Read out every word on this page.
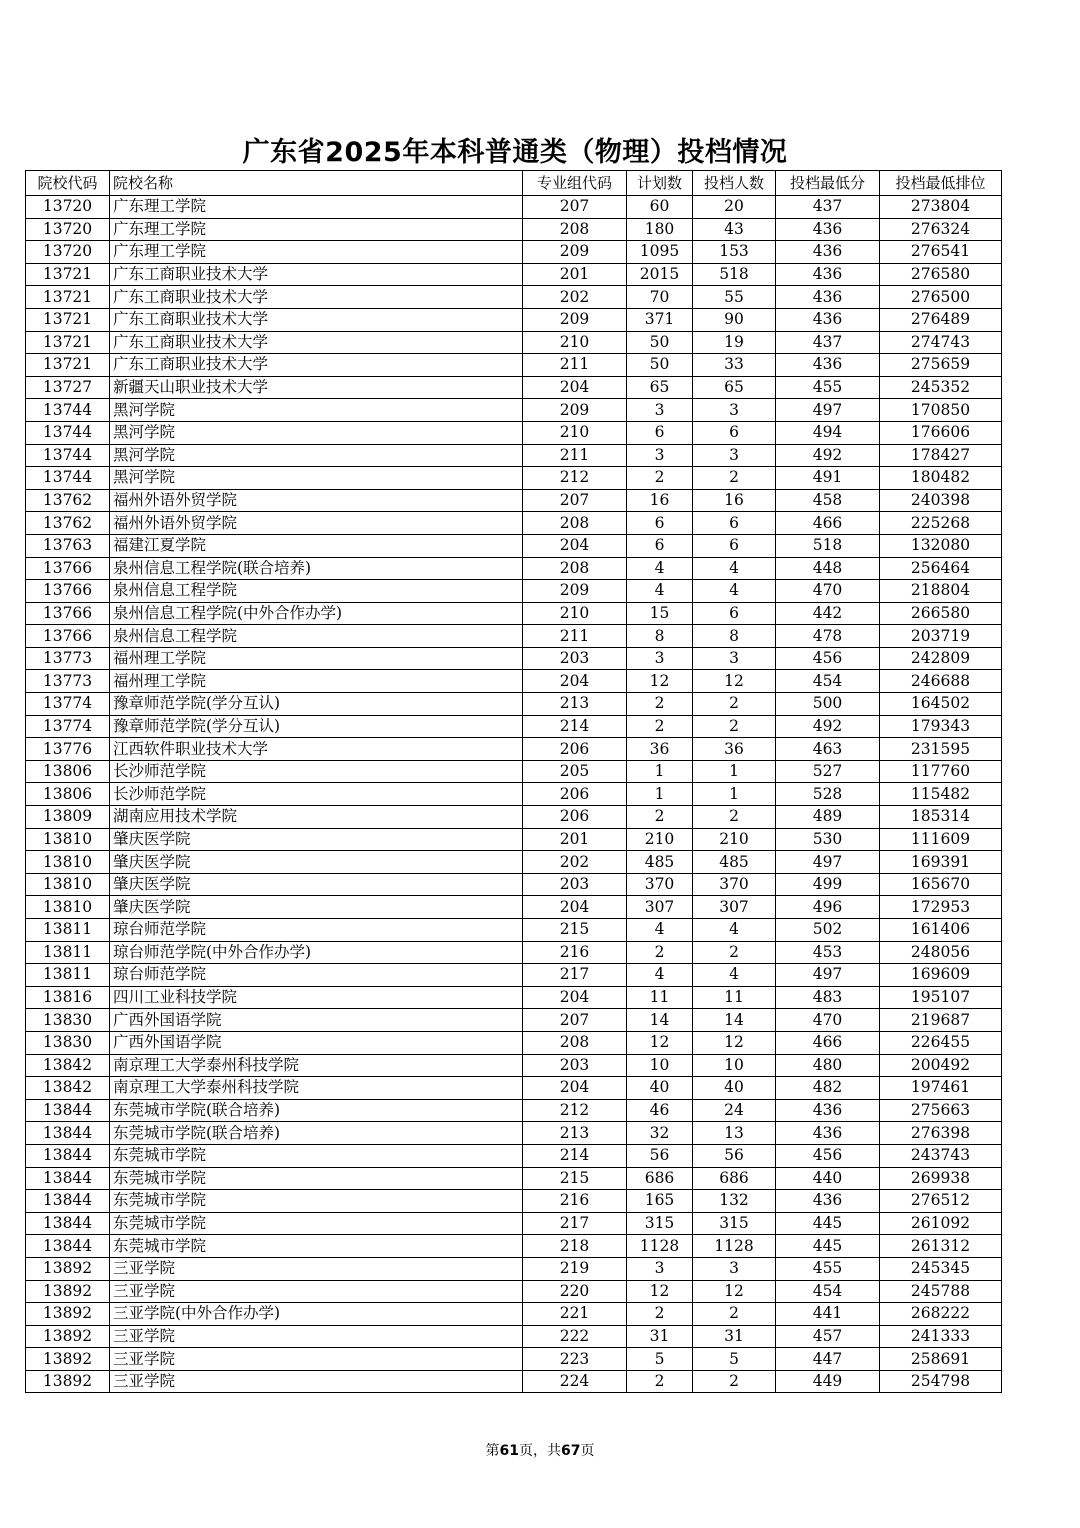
广东省2025年本科普通类（物理）投档情况
院校代码	院校名称	专业组代码	计划数	投档人数	投档最低分	投档最低排位
13720	广东理工学院	207	60	20	437	273804
13720	广东理工学院	208	180	43	436	276324
13720	广东理工学院	209	1095	153	436	276541
13721	广东工商职业技术大学	201	2015	518	436	276580
13721	广东工商职业技术大学	202	70	55	436	276500
13721	广东工商职业技术大学	209	371	90	436	276489
13721	广东工商职业技术大学	210	50	19	437	274743
13721	广东工商职业技术大学	211	50	33	436	275659
13727	新疆天山职业技术大学	204	65	65	455	245352
13744	黑河学院	209	3	3	497	170850
13744	黑河学院	210	6	6	494	176606
13744	黑河学院	211	3	3	492	178427
13744	黑河学院	212	2	2	491	180482
13762	福州外语外贸学院	207	16	16	458	240398
13762	福州外语外贸学院	208	6	6	466	225268
13763	福建江夏学院	204	6	6	518	132080
13766	泉州信息工程学院(联合培养)	208	4	4	448	256464
13766	泉州信息工程学院	209	4	4	470	218804
13766	泉州信息工程学院(中外合作办学)	210	15	6	442	266580
13766	泉州信息工程学院	211	8	8	478	203719
13773	福州理工学院	203	3	3	456	242809
13773	福州理工学院	204	12	12	454	246688
13774	豫章师范学院(学分互认)	213	2	2	500	164502
13774	豫章师范学院(学分互认)	214	2	2	492	179343
13776	江西软件职业技术大学	206	36	36	463	231595
13806	长沙师范学院	205	1	1	527	117760
13806	长沙师范学院	206	1	1	528	115482
13809	湖南应用技术学院	206	2	2	489	185314
13810	肇庆医学院	201	210	210	530	111609
13810	肇庆医学院	202	485	485	497	169391
13810	肇庆医学院	203	370	370	499	165670
13810	肇庆医学院	204	307	307	496	172953
13811	琼台师范学院	215	4	4	502	161406
13811	琼台师范学院(中外合作办学)	216	2	2	453	248056
13811	琼台师范学院	217	4	4	497	169609
13816	四川工业科技学院	204	11	11	483	195107
13830	广西外国语学院	207	14	14	470	219687
13830	广西外国语学院	208	12	12	466	226455
13842	南京理工大学泰州科技学院	203	10	10	480	200492
13842	南京理工大学泰州科技学院	204	40	40	482	197461
13844	东莞城市学院(联合培养)	212	46	24	436	275663
13844	东莞城市学院(联合培养)	213	32	13	436	276398
13844	东莞城市学院	214	56	56	456	243743
13844	东莞城市学院	215	686	686	440	269938
13844	东莞城市学院	216	165	132	436	276512
13844	东莞城市学院	217	315	315	445	261092
13844	东莞城市学院	218	1128	1128	445	261312
13892	三亚学院	219	3	3	455	245345
13892	三亚学院	220	12	12	454	245788
13892	三亚学院(中外合作办学)	221	2	2	441	268222
13892	三亚学院	222	31	31	457	241333
13892	三亚学院	223	5	5	447	258691
13892	三亚学院	224	2	2	449	254798
第61页，共67页
